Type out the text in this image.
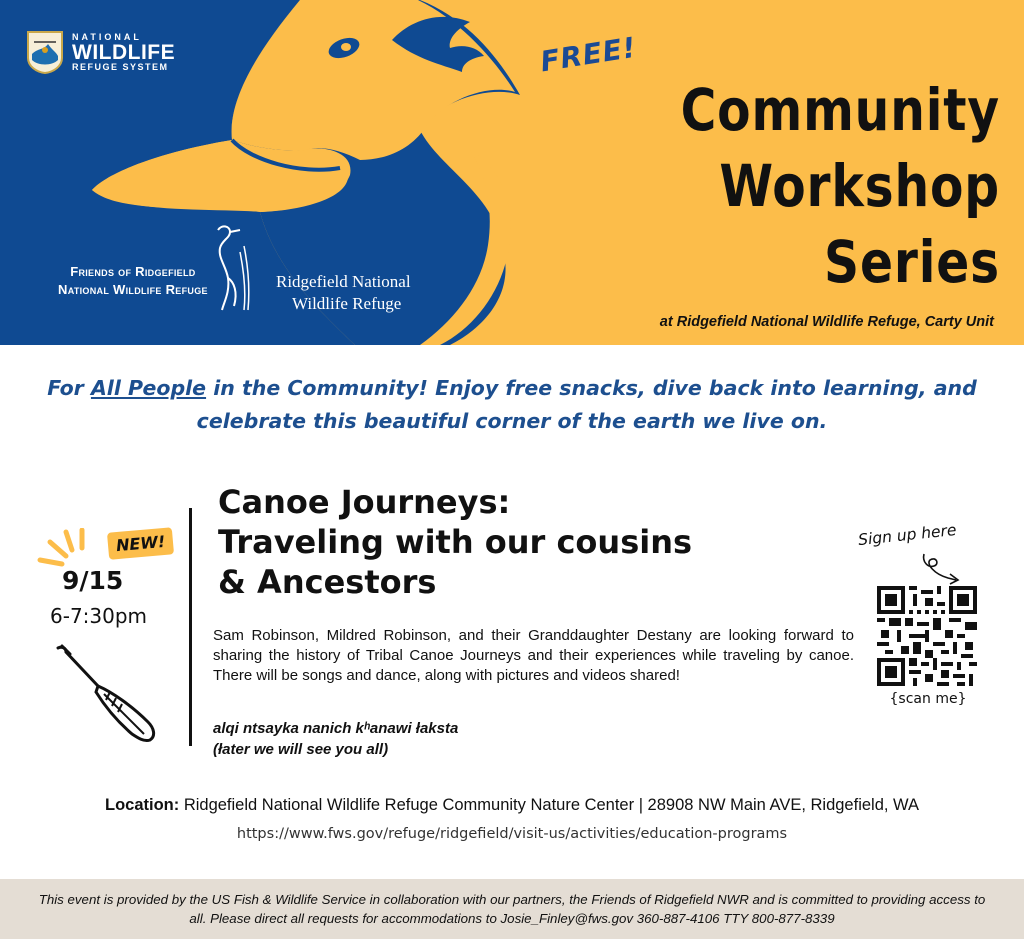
NATIONAL
WILDLIFE
REFUGE SYSTEM
Friends of Ridgefield
National Wildlife Refuge	Ridgefield National
Wildlife Refuge
FREE!
Community
Workshop
Series
at Ridgefield National Wildlife Refuge, Carty Unit
For All People in the Community! Enjoy free snacks, dive back into learning, and celebrate this beautiful corner of the earth we live on.
NEW!
9/15
6-7:30pm
Canoe Journeys:
Traveling with our cousins
& Ancestors
Sam Robinson, Mildred Robinson, and their Granddaughter Destany are looking forward to sharing the history of Tribal Canoe Journeys and their experiences while traveling by canoe. There will be songs and dance, along with pictures and videos shared!
alqi ntsayka nanich kʰanawi łaksta
(łater we will see you all)
Sign up here
{scan me}
Location: Ridgefield National Wildlife Refuge Community Nature Center | 28908 NW Main AVE, Ridgefield, WA
https://www.fws.gov/refuge/ridgefield/visit-us/activities/education-programs
This event is provided by the US Fish & Wildlife Service in collaboration with our partners, the Friends of Ridgefield NWR and is committed to providing access to all. Please direct all requests for accommodations to Josie_Finley@fws.gov 360-887-4106 TTY 800-877-8339
